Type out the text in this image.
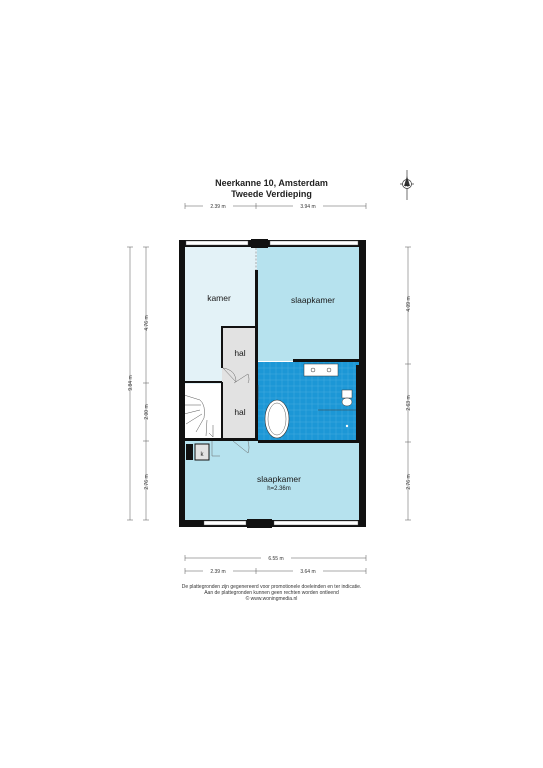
Neerkanne 10, Amsterdam
Tweede Verdieping
N
2.39 m	3.94 m
9.84 m
4.76 m
2.00 m
2.76 m
4.09 m
2.63 m
2.76 m
6.55 m
2.39 m	3.64 m
kamer	slaapkamer
hal
hal
k
slaapkamer
h=2.36m
De plattegronden zijn gegenereerd voor promotionele doeleinden en ter indicatie.
Aan de plattegronden kunnen geen rechten worden ontleend
© www.woningmedia.nl
